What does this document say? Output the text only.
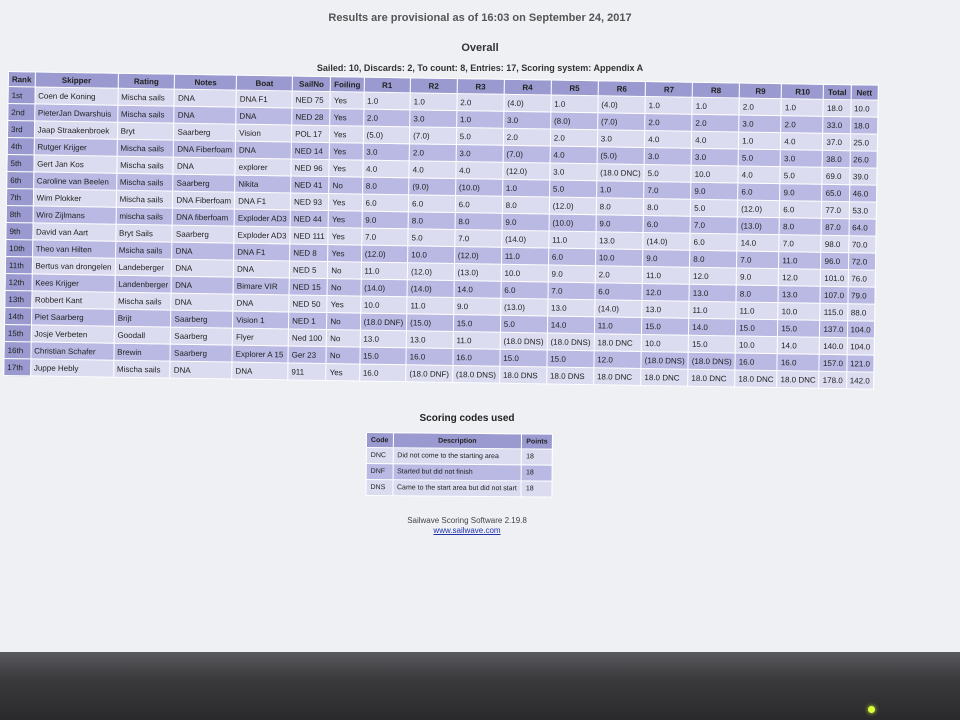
Results are provisional as of 16:03 on September 24, 2017
Overall
Sailed: 10, Discards: 2, To count: 8, Entries: 17, Scoring system: Appendix A
Rank	Skipper	Rating	Notes	Boat	SailNo	Foiling	R1	R2	R3	R4	R5	R6	R7	R8	R9	R10	Total	Nett
1st	Coen de Koning	Mischa sails	DNA	DNA F1	NED 75	Yes	1.0	1.0	2.0	(4.0)	1.0	(4.0)	1.0	1.0	2.0	1.0	18.0	10.0
2nd	PieterJan Dwarshuis	Mischa sails	DNA	DNA	NED 28	Yes	2.0	3.0	1.0	3.0	(8.0)	(7.0)	2.0	2.0	3.0	2.0	33.0	18.0
3rd	Jaap Straakenbroek	Bryt	Saarberg	Vision	POL 17	Yes	(5.0)	(7.0)	5.0	2.0	2.0	3.0	4.0	4.0	1.0	4.0	37.0	25.0
4th	Rutger Krijger	Mischa sails	DNA Fiberfoam	DNA	NED 14	Yes	3.0	2.0	3.0	(7.0)	4.0	(5.0)	3.0	3.0	5.0	3.0	38.0	26.0
5th	Gert Jan Kos	Mischa sails	DNA	explorer	NED 96	Yes	4.0	4.0	4.0	(12.0)	3.0	(18.0 DNC)	5.0	10.0	4.0	5.0	69.0	39.0
6th	Caroline van Beelen	Mischa sails	Saarberg	Nikita	NED 41	No	8.0	(9.0)	(10.0)	1.0	5.0	1.0	7.0	9.0	6.0	9.0	65.0	46.0
7th	Wim Plokker	Mischa sails	DNA Fiberfoam	DNA F1	NED 93	Yes	6.0	6.0	6.0	8.0	(12.0)	8.0	8.0	5.0	(12.0)	6.0	77.0	53.0
8th	Wiro Zijlmans	mischa sails	DNA fiberfoam	Exploder AD3	NED 44	Yes	9.0	8.0	8.0	9.0	(10.0)	9.0	6.0	7.0	(13.0)	8.0	87.0	64.0
9th	David van Aart	Bryt Sails	Saarberg	Exploder AD3	NED 111	Yes	7.0	5.0	7.0	(14.0)	11.0	13.0	(14.0)	6.0	14.0	7.0	98.0	70.0
10th	Theo van Hilten	Msicha sails	DNA	DNA F1	NED 8	Yes	(12.0)	10.0	(12.0)	11.0	6.0	10.0	9.0	8.0	7.0	11.0	96.0	72.0
11th	Bertus van drongelen	Landeberger	DNA	DNA	NED 5	No	11.0	(12.0)	(13.0)	10.0	9.0	2.0	11.0	12.0	9.0	12.0	101.0	76.0
12th	Kees Krijger	Landenberger	DNA	Bimare VIR	NED 15	No	(14.0)	(14.0)	14.0	6.0	7.0	6.0	12.0	13.0	8.0	13.0	107.0	79.0
13th	Robbert Kant	Mischa sails	DNA	DNA	NED 50	Yes	10.0	11.0	9.0	(13.0)	13.0	(14.0)	13.0	11.0	11.0	10.0	115.0	88.0
14th	Piet Saarberg	Brijt	Saarberg	Vision 1	NED 1	No	(18.0 DNF)	(15.0)	15.0	5.0	14.0	11.0	15.0	14.0	15.0	15.0	137.0	104.0
15th	Josje Verbeten	Goodall	Saarberg	Flyer	Ned 100	No	13.0	13.0	11.0	(18.0 DNS)	(18.0 DNS)	18.0 DNC	10.0	15.0	10.0	14.0	140.0	104.0
16th	Christian Schafer	Brewin	Saarberg	Explorer A 15	Ger 23	No	15.0	16.0	16.0	15.0	15.0	12.0	(18.0 DNS)	(18.0 DNS)	16.0	16.0	157.0	121.0
17th	Juppe Hebly	Mischa sails	DNA	DNA	911	Yes	16.0	(18.0 DNF)	(18.0 DNS)	18.0 DNS	18.0 DNS	18.0 DNC	18.0 DNC	18.0 DNC	18.0 DNC	18.0 DNC	178.0	142.0
Scoring codes used
Code	Description	Points
DNC	Did not come to the starting area	18
DNF	Started but did not finish	18
DNS	Came to the start area but did not start	18
Sailwave Scoring Software 2.19.8
www.sailwave.com
